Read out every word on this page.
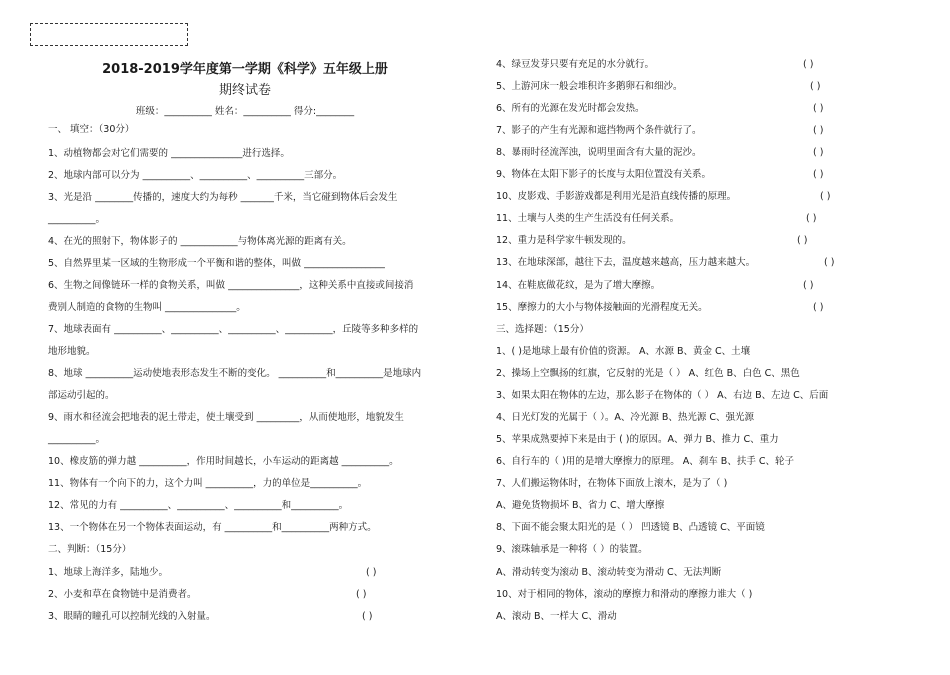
2018-2019学年度第一学期《科学》五年级上册
期终试卷
班级：__________ 姓名：__________ 得分:________
一、 填空：（30分）
1、动植物都会对它们需要的 _______________进行选择。
2、地球内部可以分为 __________、__________、__________三部分。
3、光是沿 ________传播的，速度大约为每秒 _______千米，当它碰到物体后会发生
__________。
4、在光的照射下，物体影子的 ____________与物体离光源的距离有关。
5、自然界里某一区域的生物形成一个平衡和谐的整体，叫做 _________________
6、生物之间像链环一样的食物关系，叫做 _______________，这种关系中直接或间接消
费别人制造的食物的生物叫 _______________。
7、地球表面有 __________、__________、__________、__________，丘陵等多种多样的
地形地貌。
8、地球 __________运动使地表形态发生不断的变化。 __________和__________是地球内
部运动引起的。
9、雨水和径流会把地表的泥土带走，使土壤受到 _________，从而使地形，地貌发生
__________。
10、橡皮筋的弹力越 __________，作用时间越长，小车运动的距离越 __________。
11、物体有一个向下的力，这个力叫 __________，力的单位是__________。
12、常见的力有 __________、__________、__________和__________。
13、一个物体在另一个物体表面运动，有 __________和__________两种方式。
二、判断：（15分）
1、地球上海洋多，陆地少。
2、小麦和草在食物链中是消费者。
3、眼睛的瞳孔可以控制光线的入射量。
( )
( )
( )
4、绿豆发芽只要有充足的水分就行。
5、上游河床一般会堆积许多鹅卵石和细沙。
6、所有的光源在发光时都会发热。
7、影子的产生有光源和遮挡物两个条件就行了。
8、暴雨时径流浑浊，说明里面含有大量的泥沙。
9、物体在太阳下影子的长度与太阳位置没有关系。
10、皮影戏、手影游戏都是利用光是沿直线传播的原理。
11、土壤与人类的生产生活没有任何关系。
12、重力是科学家牛顿发现的。
13、在地球深部，越往下去，温度越来越高，压力越来越大。
14、在鞋底做花纹，是为了增大摩擦。
15、摩擦力的大小与物体接触面的光滑程度无关。
三、选择题：（15分）
1、( )是地球上最有价值的资源。 A、水源 B、黄金 C、土壤
2、操场上空飘扬的红旗，它反射的光是（ ） A、红色 B、白色 C、黑色
3、如果太阳在物体的左边，那么影子在物体的（ ） A、右边 B、左边 C、后面
4、日光灯发的光属于（ ）。A、冷光源 B、热光源 C、强光源
5、苹果成熟要掉下来是由于 ( )的原因。A、弹力 B、推力 C、重力
6、自行车的（ )用的是增大摩擦力的原理。 A、刹车 B、扶手 C、轮子
7、人们搬运物体时，在物体下面放上滚木，是为了（ )
A、避免货物损坏 B、省力 C、增大摩擦
8、下面不能会聚太阳光的是（ ） 凹透镜 B、凸透镜 C、平面镜
9、滚珠轴承是一种将（ ）的装置。
A、滑动转变为滚动 B、滚动转变为滑动 C、无法判断
10、对于相同的物体，滚动的摩擦力和滑动的摩擦力谁大（ )
A、滚动 B、一样大 C、滑动
( )
( )
( )
( )
( )
( )
( )
( )
( )
( )
( )
( )
